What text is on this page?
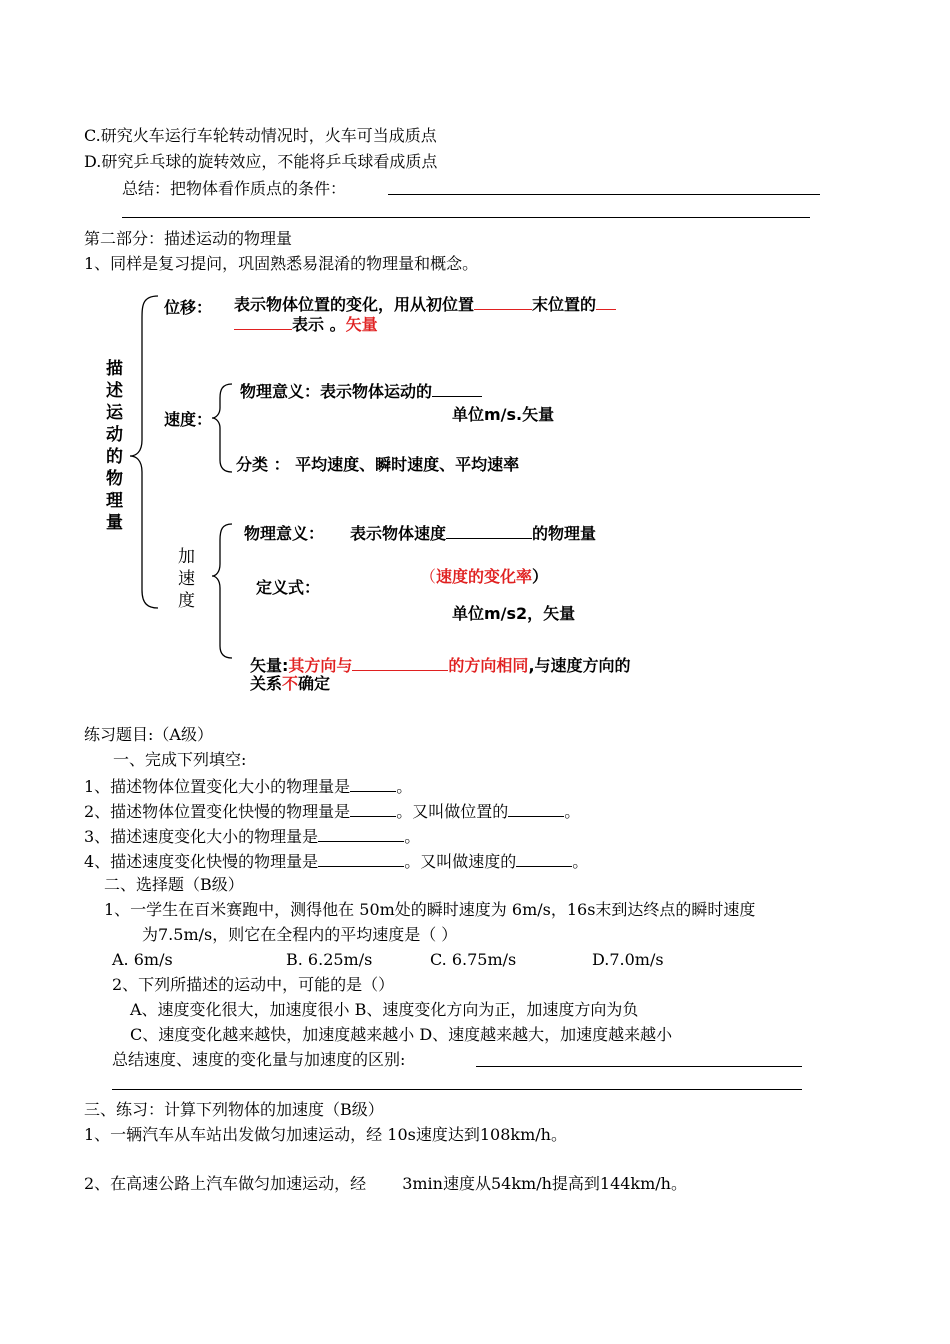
C.研究火车运行车轮转动情况时，火车可当成质点
D.研究乒乓球的旋转效应，不能将乒乓球看成质点
总结：把物体看作质点的条件：
第二部分：描述运动的物理量
1、同样是复习提问，巩固熟悉易混淆的物理量和概念。
描
述
运
动
的
物
理
量
位移： 表示物体位置的变化，用从初位置	末位置的
表示 。矢量
速度：
物理意义：表示物体运动的
单位m/s.矢量
分类 ： 平均速度、瞬时速度、平均速率
加
速
度
物理意义： 表示物体速度	的物理量
定义式：
（速度的变化率）
单位m/s2，矢量
矢量:其方向与	的方向相同,与速度方向的
关系不确定
练习题目:（A级）
一、完成下列填空:
1、描述物体位置变化大小的物理量是	。
2、描述物体位置变化快慢的物理量是	。又叫做位置的	。
3、描述速度变化大小的物理量是	。
4、描述速度变化快慢的物理量是	。又叫做速度的	。
二、选择题（B级）
1、一学生在百米赛跑中，测得他在 50m处的瞬时速度为 6m/s，16s末到达终点的瞬时速度
为7.5m/s，则它在全程内的平均速度是（ ）
A. 6m/s	B. 6.25m/s	C. 6.75m/s	D.7.0m/s
2、下列所描述的运动中，可能的是（）
A、速度变化很大，加速度很小 B、速度变化方向为正，加速度方向为负
C、速度变化越来越快，加速度越来越小 D、速度越来越大，加速度越来越小
总结速度、速度的变化量与加速度的区别:
三、练习：计算下列物体的加速度（B级）
1、一辆汽车从车站出发做匀加速运动，经 10s速度达到108km/h。
2、在高速公路上汽车做匀加速运动，经 3min速度从54km/h提高到144km/h。
